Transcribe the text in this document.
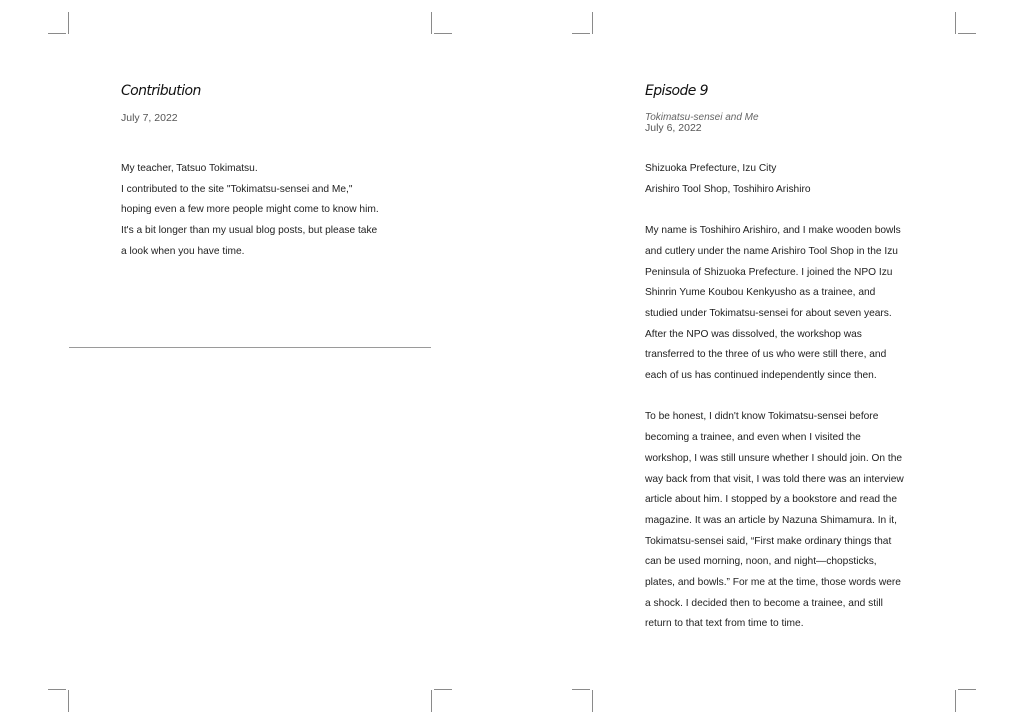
Contribution
July 7, 2022

My teacher, Tatsuo Tokimatsu.

I contributed to the site "Tokimatsu-sensei and Me," hoping even a few more people might come to know him.

It's a bit longer than my usual blog posts, but please take a look when you have time.

Episode 9
Tokimatsu-sensei and Me
July 6, 2022

Shizuoka Prefecture, Izu City

Arishiro Tool Shop, Toshihiro Arishiro

My name is Toshihiro Arishiro, and I make wooden bowls and cutlery under the name Arishiro Tool Shop in the Izu Peninsula of Shizuoka Prefecture. I joined the NPO Izu Shinrin Yume Koubou Kenkyusho as a trainee, and studied under Tokimatsu-sensei for about seven years. After the NPO was dissolved, the workshop was transferred to the three of us who were still there, and each of us has continued independently since then.

To be honest, I didn't know Tokimatsu-sensei before becoming a trainee, and even when I visited the workshop, I was still unsure whether I should join. On the way back from that visit, I was told there was an interview article about him. I stopped by a bookstore and read the magazine. It was an article by Nazuna Shimamura. In it, Tokimatsu-sensei said, “First make ordinary things that can be used morning, noon, and night—chopsticks, plates, and bowls.” For me at the time, those words were a shock. I decided then to become a trainee, and still return to that text from time to time.
